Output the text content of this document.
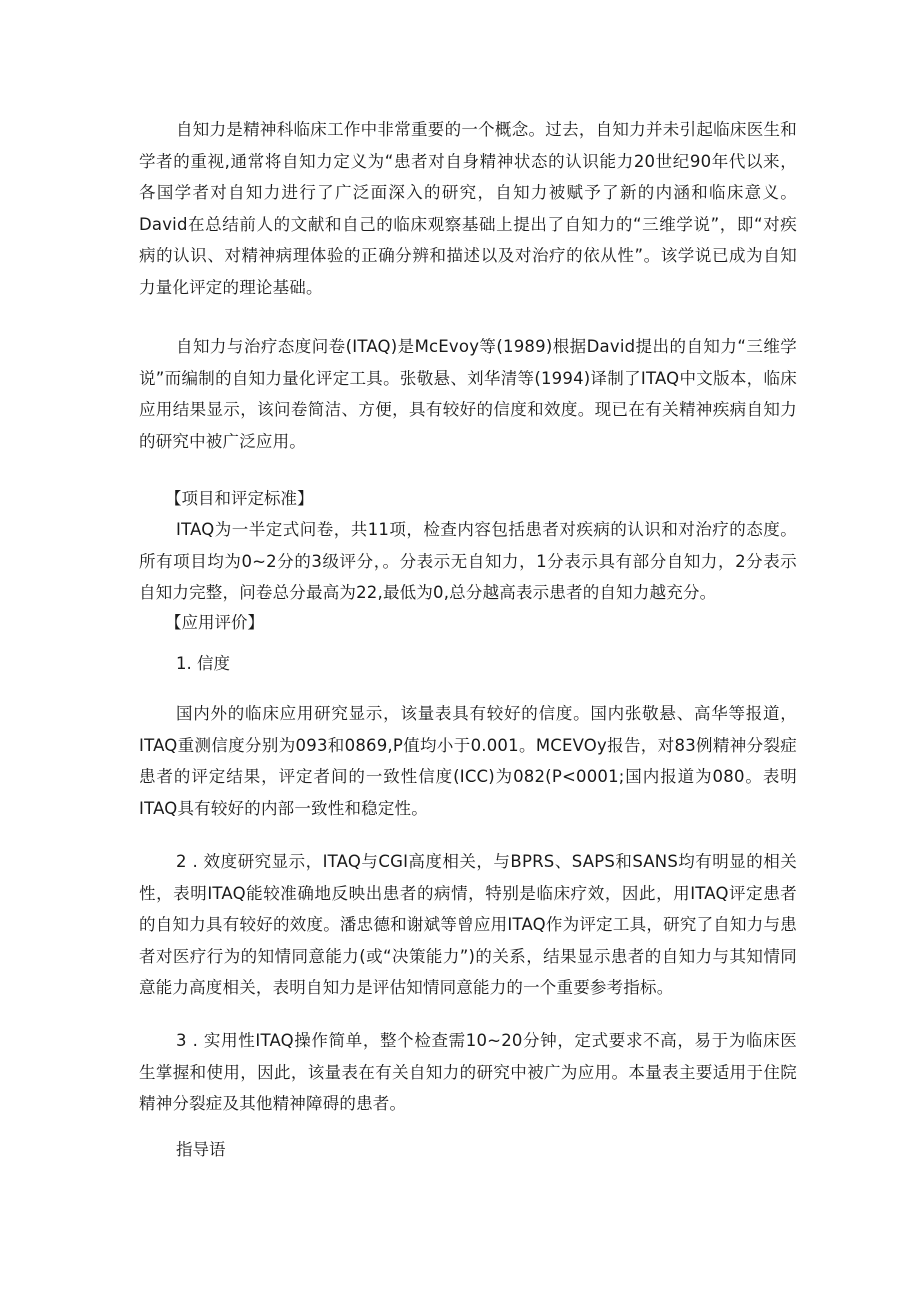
自知力是精神科临床工作中非常重要的一个概念。过去，自知力并未引起临床医生和学者的重视,通常将自知力定义为“患者对自身精神状态的认识能力20世纪90年代以来，各国学者对自知力进行了广泛面深入的研究，自知力被赋予了新的内涵和临床意义。David在总结前人的文献和自己的临床观察基础上提出了自知力的“三维学说”，即“对疾病的认识、对精神病理体验的正确分辨和描述以及对治疗的依从性”。该学说已成为自知力量化评定的理论基础。

自知力与治疗态度问卷(ITAQ)是McEvoy等(1989)根据David提出的自知力“三维学说”而编制的自知力量化评定工具。张敬悬、刘华清等(1994)译制了ITAQ中文版本，临床应用结果显示，该问卷简洁、方便，具有较好的信度和效度。现已在有关精神疾病自知力的研究中被广泛应用。

【项目和评定标准】

ITAQ为一半定式问卷，共11项，检查内容包括患者对疾病的认识和对治疗的态度。所有项目均为0~2分的3级评分，。分表示无自知力，1分表示具有部分自知力，2分表示自知力完整，问卷总分最高为22,最低为0,总分越高表示患者的自知力越充分。

【应用评价】

1. 信度

国内外的临床应用研究显示，该量表具有较好的信度。国内张敬悬、高华等报道，ITAQ重测信度分别为093和0869,P值均小于0.001。MCEVOy报告，对83例精神分裂症患者的评定结果，评定者间的一致性信度(ICC)为082(P<0001;国内报道为080。表明ITAQ具有较好的内部一致性和稳定性。

2 . 效度研究显示，ITAQ与CGI高度相关，与BPRS、SAPS和SANS均有明显的相关性，表明ITAQ能较准确地反映出患者的病情，特别是临床疗效，因此，用ITAQ评定患者的自知力具有较好的效度。潘忠德和谢斌等曾应用ITAQ作为评定工具，研究了自知力与患者对医疗行为的知情同意能力(或“决策能力”)的关系，结果显示患者的自知力与其知情同意能力高度相关，表明自知力是评估知情同意能力的一个重要参考指标。

3 . 实用性ITAQ操作简单，整个检查需10~20分钟，定式要求不高，易于为临床医生掌握和使用，因此，该量表在有关自知力的研究中被广为应用。本量表主要适用于住院精神分裂症及其他精神障碍的患者。

指导语
